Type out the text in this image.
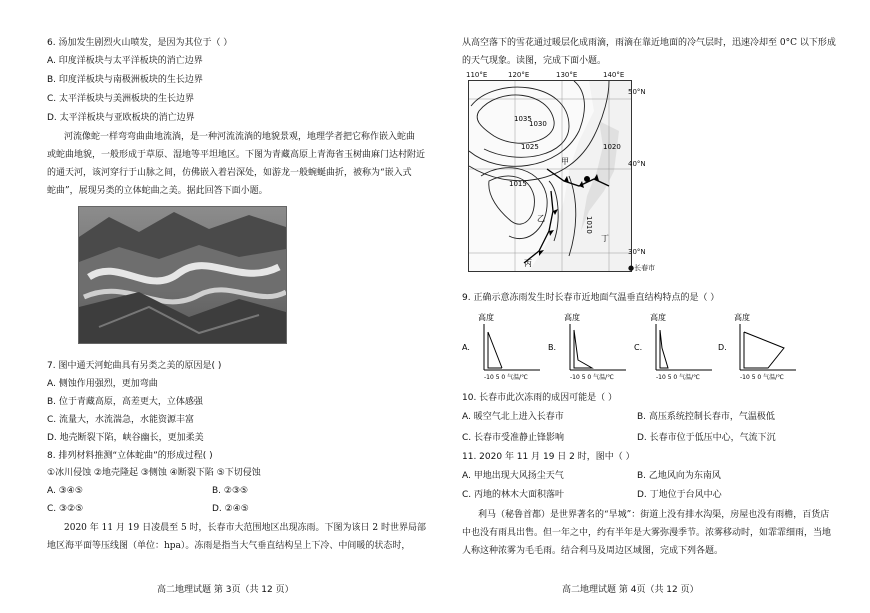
6. 汤加发生剧烈火山喷发，是因为其位于（ ）
A. 印度洋板块与太平洋板块的消亡边界
B. 印度洋板块与南极洲板块的生长边界
C. 太平洋板块与美洲板块的生长边界
D. 太平洋板块与亚欧板块的消亡边界
河流像蛇一样弯弯曲曲地流淌，是一种河流流淌的地貌景观，地理学者把它称作嵌入蛇曲
或蛇曲地貌，一般形成于草原、湿地等平坦地区。下图为青藏高原上青海省玉树曲麻门达村附近
的通天河，该河穿行于山脉之间，仿佛嵌入着岩深处，如游龙一般蜿蜒曲折，被称为“嵌入式
蛇曲”，展现另类的立体蛇曲之美。据此回答下面小题。
7. 图中通天河蛇曲具有另类之美的原因是( )
A. 侧蚀作用强烈，更加弯曲
B. 位于青藏高原，高差更大，立体感强
C. 流量大，水流湍急，水能资源丰富
D. 地壳断裂下陷，峡谷幽长，更加柔美
8. 排列材料推测“立体蛇曲”的形成过程( )
①冰川侵蚀 ②地壳隆起 ③侧蚀 ④断裂下陷 ⑤下切侵蚀
A. ③④⑤	B. ②③⑤
C. ③②⑤	D. ②④⑤
2020 年 11 月 19 日凌晨至 5 时，长春市大范围地区出现冻雨。下图为该日 2 时世界局部
地区海平面等压线图（单位：hpa）。冻雨是指当大气垂直结构呈上下冷、中间暖的状态时，
高二地理试题 第 3页（共 12 页）
从高空落下的雪花通过暖层化成雨滴，雨滴在靠近地面的冷气层时，迅速冷却至 0°C 以下形成
的天气现象。读图，完成下面小题。
110°E	120°E	130°E	140°E
1035
1030
1025	1020
1015
1010
甲
乙
丙
丁
50°N
40°N
30°N
●长春市
9. 正确示意冻雨发生时长春市近地面气温垂直结构特点的是（ ）
高度
A.
-10 5 0 气温/℃
高度
B.
-10 5 0 气温/℃
高度
C.
-10 5 0 气温/℃
高度
D.
-10 5 0 气温/℃
10. 长春市此次冻雨的成因可能是（ ）
A. 暖空气北上进入长春市	B. 高压系统控制长春市，气温极低
C. 长春市受准静止锋影响	D. 长春市位于低压中心，气流下沉
11. 2020 年 11 月 19 日 2 时，图中（ ）
A. 甲地出现大风扬尘天气	B. 乙地风向为东南风
C. 丙地的林木大面积落叶	D. 丁地位于台风中心
利马（秘鲁首都）是世界著名的“旱城”：街道上没有排水沟渠，房屋也没有雨檐，百货店
中也没有雨具出售。但一年之中，约有半年是大雾弥漫季节。浓雾移动时，如霏霏细雨，当地
人称这种浓雾为毛毛雨。结合利马及周边区域图，完成下列各题。
高二地理试题 第 4页（共 12 页）
